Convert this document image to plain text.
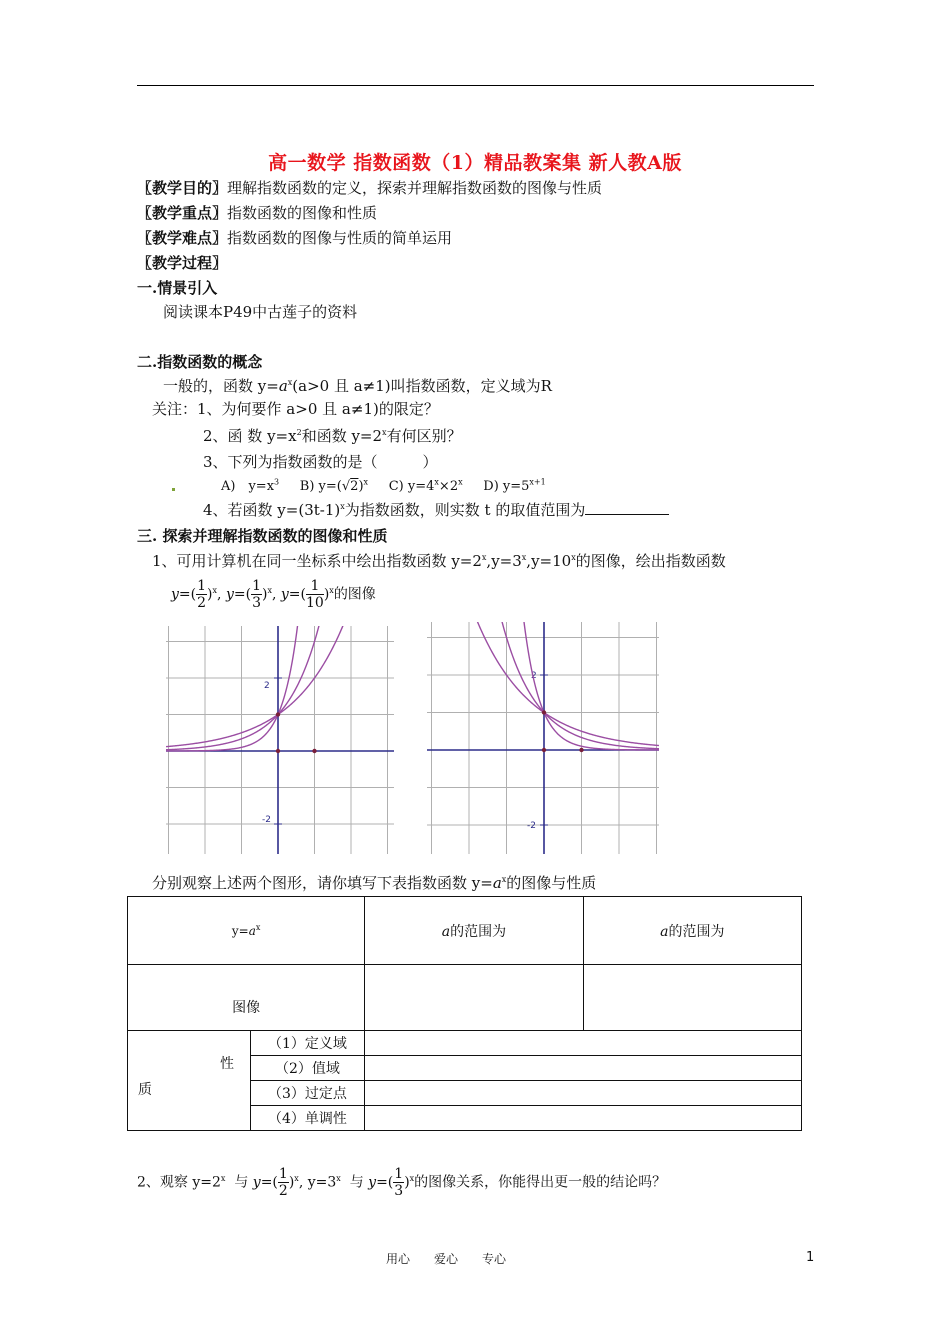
高一数学 指数函数（1）精品教案集 新人教A版
〖教学目的〗理解指数函数的定义，探索并理解指数函数的图像与性质
〖教学重点〗指数函数的图像和性质
〖教学难点〗指数函数的图像与性质的简单运用
〖教学过程〗
一.情景引入
阅读课本P49中古莲子的资料
二.指数函数的概念
一般的，函数 $y=a^x(a>0$ 且 a≠1)叫指数函数，定义域为R
关注：1、为何要作 a>0 且 a≠1)的限定？
2、函 数 $y=x^2$和函数 $y=2^x$有何区别？
3、下列为指数函数的是（　　　）
A)　$y=x^3$ B) $y=(√2)^x$ C) $y=4^x\times 2^x$ D) $y=5^{x+1}$
4、若函数 $y=(3t-1)^x$为指数函数，则实数 t 的取值范围为
三. 探索并理解指数函数的图像和性质
1、可用计算机在同一坐标系中绘出指数函数 $y=2^x,y=3^x,y=10^x$的图像，绘出指数函数
$y=( \frac{1}{2} )^x$, $y=( \frac{1}{3} )^x$, $y=( \frac{1}{10} )^x$的图像
2
-2
2
-2
分别观察上述两个图形，请你填写下表指数函数 $y=a^x$的图像与性质
$y=a^x$		a的范围为	a的范围为
图像			

性
质	（1）定义域		
	（2）值域		
	（3）过定点		
	（4）单调性		
2、观察 $y=2^x$ 与 $y=( \frac{1}{2} )^x$, $y=3^x$ 与 $y=( \frac{1}{3} )^x$的图像关系，你能得出更一般的结论吗？
用心　　爱心　　专心	1
